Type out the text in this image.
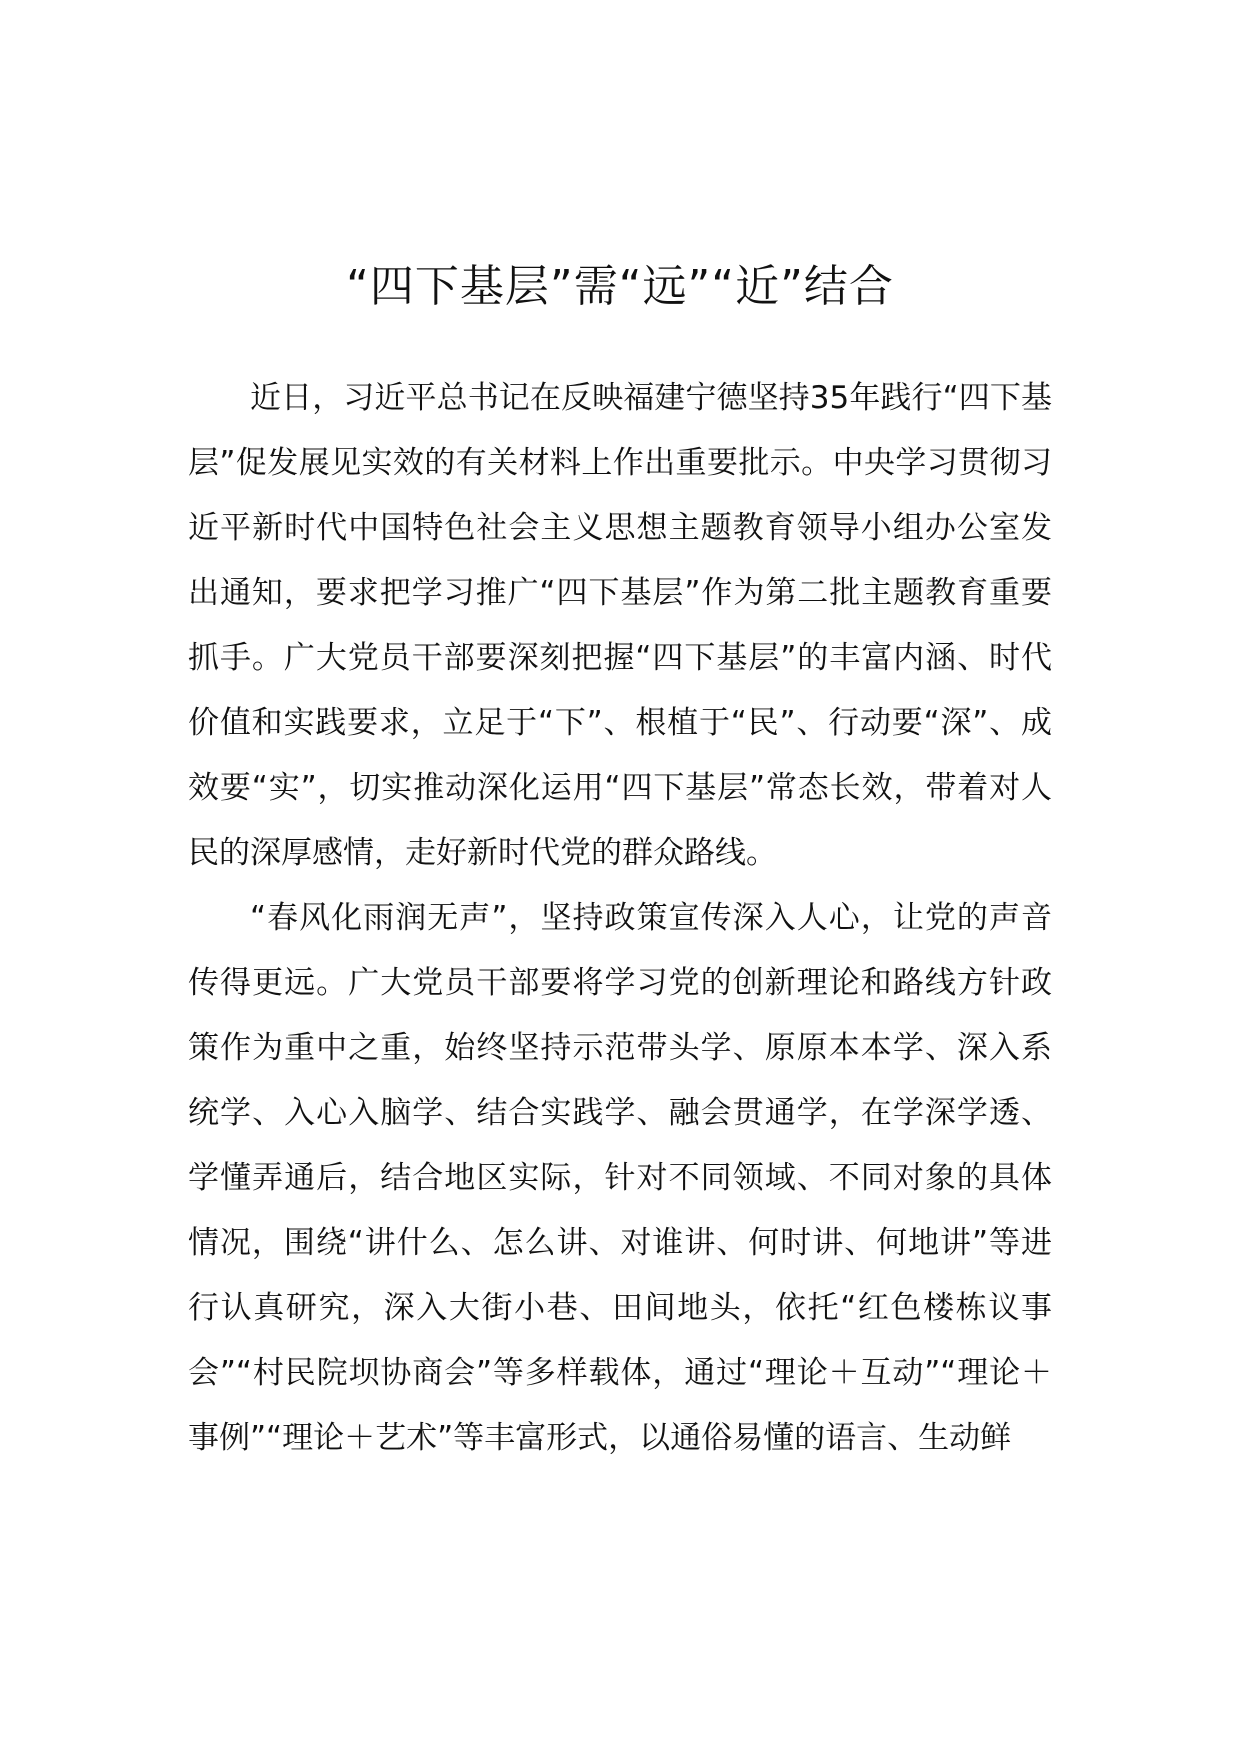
“四下基层”需“远”“近”结合

近日，习近平总书记在反映福建宁德坚持35年践行“四下基层”促发展见实效的有关材料上作出重要批示。中央学习贯彻习近平新时代中国特色社会主义思想主题教育领导小组办公室发出通知，要求把学习推广“四下基层”作为第二批主题教育重要抓手。广大党员干部要深刻把握“四下基层”的丰富内涵、时代价值和实践要求，立足于“下”、根植于“民”、行动要“深”、成效要“实”，切实推动深化运用“四下基层”常态长效，带着对人民的深厚感情，走好新时代党的群众路线。

“春风化雨润无声”，坚持政策宣传深入人心，让党的声音传得更远。广大党员干部要将学习党的创新理论和路线方针政策作为重中之重，始终坚持示范带头学、原原本本学、深入系统学、入心入脑学、结合实践学、融会贯通学，在学深学透、学懂弄通后，结合地区实际，针对不同领域、不同对象的具体情况，围绕“讲什么、怎么讲、对谁讲、何时讲、何地讲”等进行认真研究，深入大街小巷、田间地头，依托“红色楼栋议事会”“村民院坝协商会”等多样载体，通过“理论＋互动”“理论＋事例”“理论＋艺术”等丰富形式，以通俗易懂的语言、生动鲜
